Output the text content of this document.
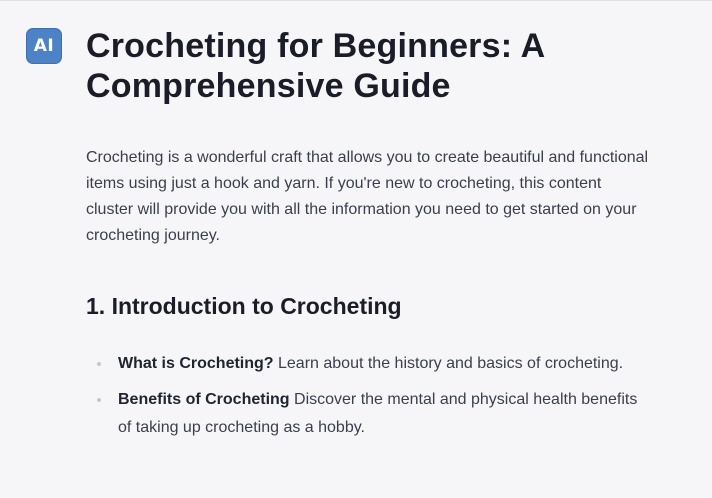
AI Crocheting for Beginners: A Comprehensive Guide

Crocheting is a wonderful craft that allows you to create beautiful and functional items using just a hook and yarn. If you're new to crocheting, this content cluster will provide you with all the information you need to get started on your crocheting journey.

1. Introduction to Crocheting
What is Crocheting? Learn about the history and basics of crocheting.
Benefits of Crocheting Discover the mental and physical health benefits of taking up crocheting as a hobby.
